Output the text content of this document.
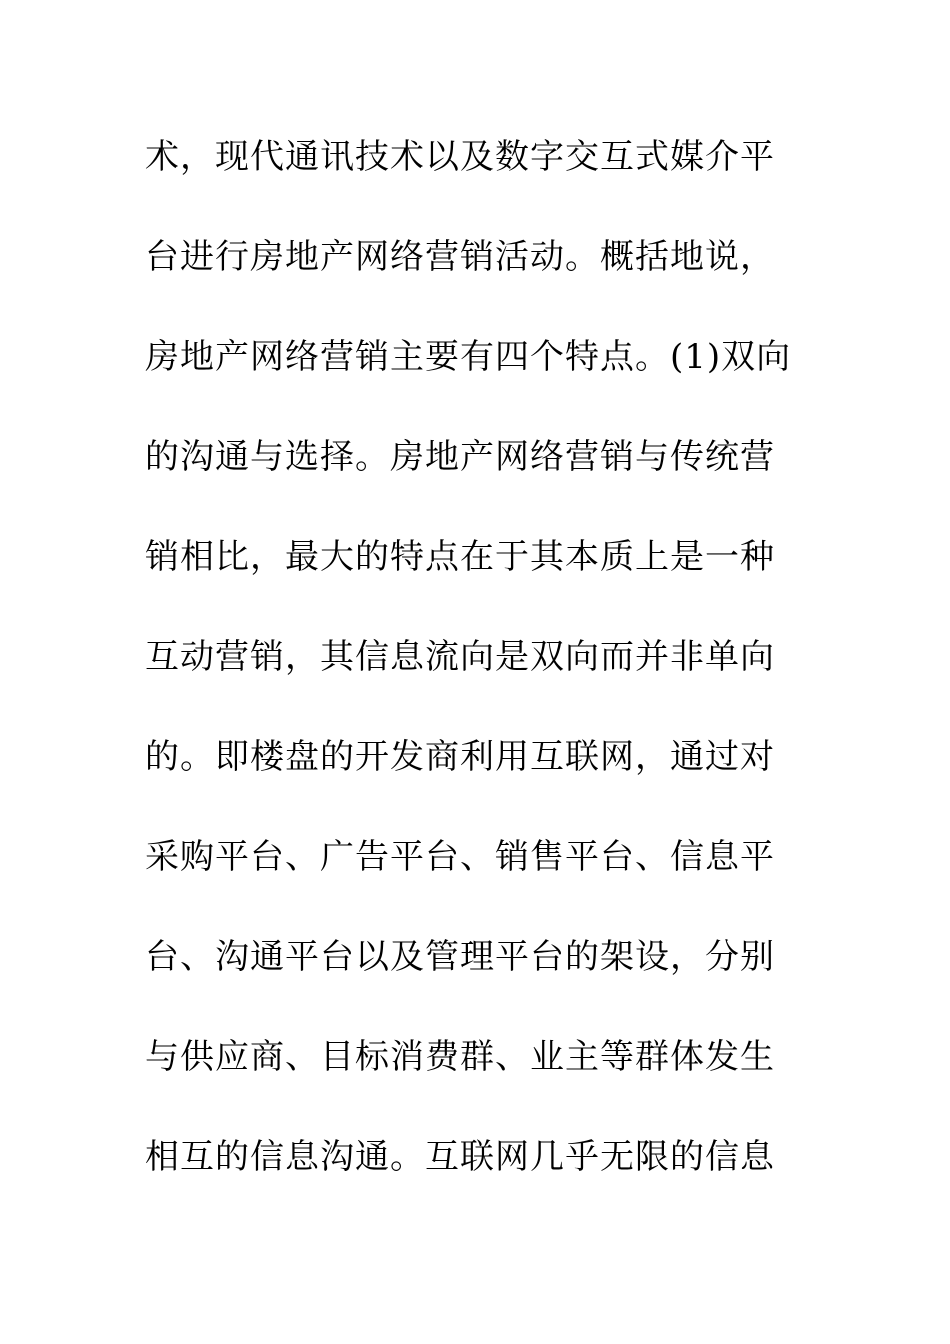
术，现代通讯技术以及数字交互式媒介平
台进行房地产网络营销活动。概括地说，
房地产网络营销主要有四个特点。(1)双向
的沟通与选择。房地产网络营销与传统营
销相比，最大的特点在于其本质上是一种
互动营销，其信息流向是双向而并非单向
的。即楼盘的开发商利用互联网，通过对
采购平台、广告平台、销售平台、信息平
台、沟通平台以及管理平台的架设，分别
与供应商、目标消费群、业主等群体发生
相互的信息沟通。互联网几乎无限的信息
